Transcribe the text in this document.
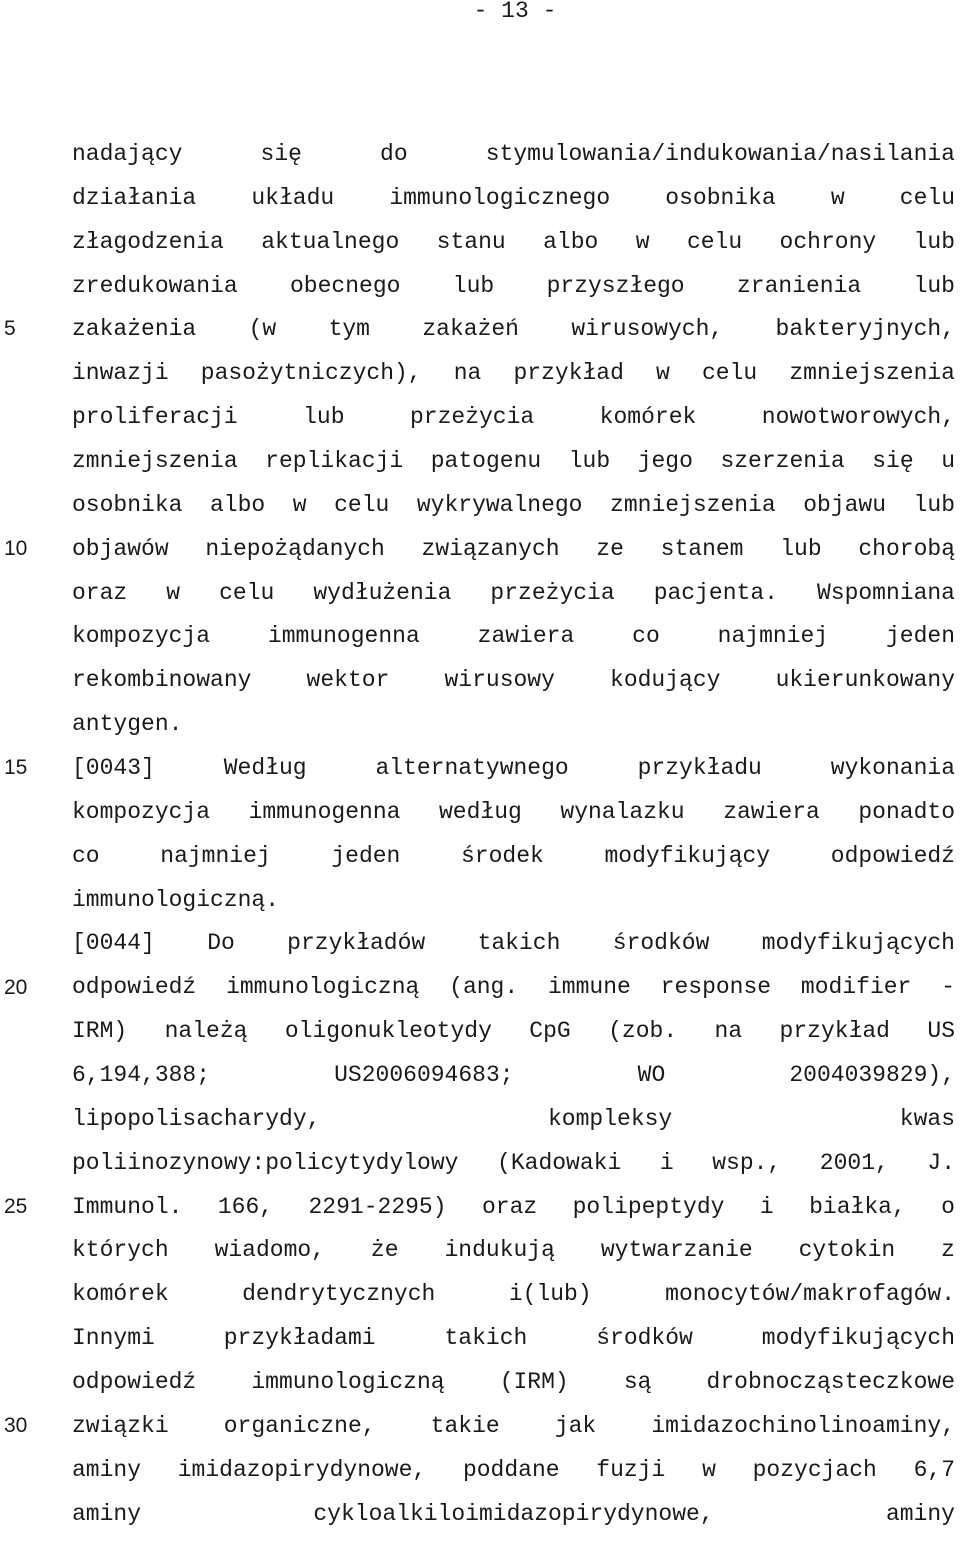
- 13 -
5
10
15
20
25
30
nadający się do stymulowania/indukowania/nasilania
działania układu immunologicznego osobnika w celu
złagodzenia aktualnego stanu albo w celu ochrony lub
zredukowania obecnego lub przyszłego zranienia lub
zakażenia (w tym zakażeń wirusowych, bakteryjnych,
inwazji pasożytniczych), na przykład w celu zmniejszenia
proliferacji lub przeżycia komórek nowotworowych,
zmniejszenia replikacji patogenu lub jego szerzenia się u
osobnika albo w celu wykrywalnego zmniejszenia objawu lub
objawów niepożądanych związanych ze stanem lub chorobą
oraz w celu wydłużenia przeżycia pacjenta. Wspomniana
kompozycja immunogenna zawiera co najmniej jeden
rekombinowany wektor wirusowy kodujący ukierunkowany
antygen.
[0043] Według alternatywnego przykładu wykonania
kompozycja immunogenna według wynalazku zawiera ponadto
co najmniej jeden środek modyfikujący odpowiedź
immunologiczną.
[0044] Do przykładów takich środków modyfikujących
odpowiedź immunologiczną (ang. immune response modifier -
IRM) należą oligonukleotydy CpG (zob. na przykład US
6,194,388; US2006094683; WO 2004039829),
lipopolisacharydy, kompleksy kwas
poliinozynowy:policytydylowy (Kadowaki i wsp., 2001, J.
Immunol. 166, 2291-2295) oraz polipeptydy i białka, o
których wiadomo, że indukują wytwarzanie cytokin z
komórek dendrytycznych i(lub) monocytów/makrofagów.
Innymi przykładami takich środków modyfikujących
odpowiedź immunologiczną (IRM) są drobnocząsteczkowe
związki organiczne, takie jak imidazochinolinoaminy,
aminy imidazopirydynowe, poddane fuzji w pozycjach 6,7
aminy cykloalkiloimidazopirydynowe, aminy
